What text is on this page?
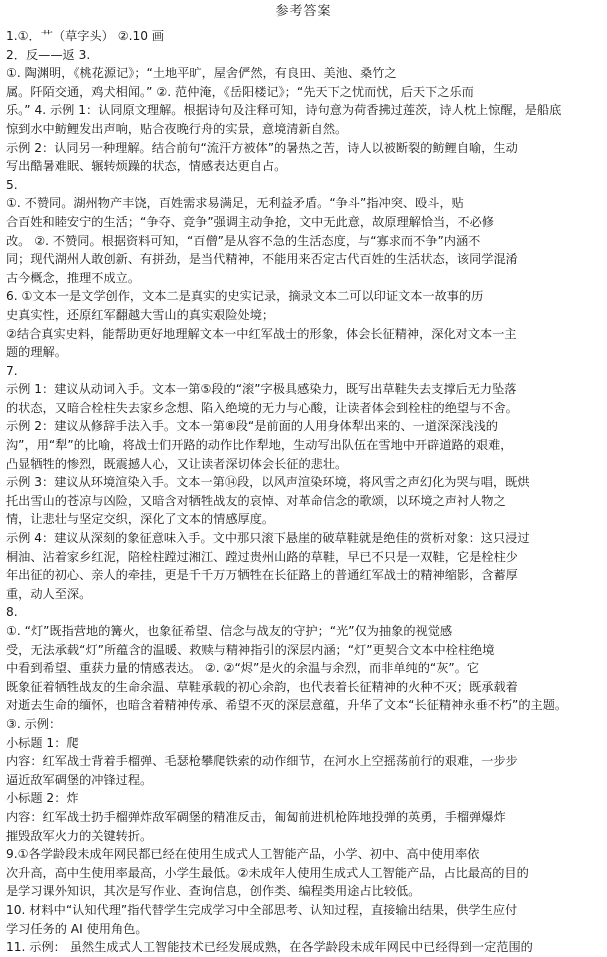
参考答案
1.①．艹（草字头） ②.10 画
2．反——返 3.
①. 陶渊明，《桃花源记》；“土地平旷，屋舍俨然，有良田、美池、桑竹之
属。阡陌交通，鸡犬相闻。” ②. 范仲淹，《岳阳楼记》；“先天下之忧而忧，后天下之乐而
乐。” 4. 示例 1：认同原文理解。根据诗句及注释可知，诗句意为荷香拂过莲茨，诗人枕上惊醒，是船底
惊到水中鲂鲤发出声响，贴合夜晚行舟的实景，意境清新自然。
示例 2：认同另一种理解。结合前句“流汗方被体”的暑热之苦，诗人以被断裂的鲂鲤自喻，生动
写出酷暑难眠、辗转烦躁的状态，情感表达更自占。
5.
①. 不赞同。湖州物产丰饶，百姓需求易满足，无利益矛盾。“争斗”指冲突、殴斗，贴
合百姓和睦安宁的生活；“争夺、竞争”强调主动争抢，文中无此意，故原理解恰当，不必修
改。 ②. 不赞同。根据资料可知，“百僧”是从容不急的生活态度，与“寡求而不争”内涵不
同；现代湖州人敢创新、有拼劲，是当代精神，不能用来否定古代百姓的生活状态，该同学混淆
古今概念，推理不成立。
6. ①文本一是文学创作，文本二是真实的史实记录，摘录文本二可以印证文本一故事的历
史真实性，还原红军翻越大雪山的真实艰险处境；
②结合真实史料，能帮助更好地理解文本一中红军战士的形象，体会长征精神，深化对文本一主
题的理解。
7.
示例 1：建议从动词入手。文本一第⑤段的“滚”字极具感染力，既写出草鞋失去支撑后无力坠落
的状态，又暗合栓柱失去家乡念想、陷入绝境的无力与心酸，让读者体会到栓柱的绝望与不舍。
示例 2：建议从修辞手法入手。文本一第⑧段“是前面的人用身体犁出来的、一道深深浅浅的
沟”，用“犁”的比喻，将战士们开路的动作比作犁地，生动写出队伍在雪地中开辟道路的艰难，
凸显牺牲的惨烈，既震撼人心，又让读者深切体会长征的悲壮。
示例 3：建议从环境渲染入手。文本一第⑭段，以风声渲染环境，将风雪之声幻化为哭与唱，既烘
托出雪山的苍凉与凶险，又暗含对牺牲战友的哀悼、对革命信念的歌颂，以环境之声衬人物之
情，让悲壮与坚定交织，深化了文本的情感厚度。
示例 4：建议从深刻的象征意味入手。文中那只滚下悬崖的破草鞋就是绝佳的赏析对象：这只浸过
桐油、沾着家乡红泥，陪栓柱蹚过湘江、蹚过贵州山路的草鞋，早已不只是一双鞋，它是栓柱少
年出征的初心、亲人的牵挂，更是千千万万牺牲在长征路上的普通红军战士的精神缩影，含蓄厚
重，动人至深。
8.
①. “灯”既指营地的篝火，也象征希望、信念与战友的守护；“光”仅为抽象的视觉感
受，无法承载“灯”所蕴含的温暖、救赎与精神指引的深层内涵；“灯”更契合文本中栓柱绝境
中看到希望、重获力量的情感表达。 ②. ②“烬”是火的余温与余烈，而非单纯的“灰”。它
既象征着牺牲战友的生命余温、草鞋承载的初心余韵，也代表着长征精神的火种不灭；既承载着
对逝去生命的缅怀，也暗含着精神传承、希望不灭的深层意蕴，升华了文本“长征精神永垂不朽”的主题。
③. 示例：
小标题 1：爬
内容：红军战士背着手榴弹、毛瑟枪攀爬铁索的动作细节，在河水上空摇荡前行的艰难，一步步
逼近敌军碉堡的冲锋过程。
小标题 2：炸
内容：红军战士扔手榴弹炸敌军碉堡的精准反击，匍匐前进机枪阵地投弹的英勇，手榴弹爆炸
摧毁敌军火力的关键转折。
9.①各学龄段未成年网民都已经在使用生成式人工智能产品，小学、初中、高中使用率依
次升高，高中生使用率最高，小学生最低。②未成年人使用生成式人工智能产品，占比最高的目的
是学习课外知识，其次是写作业、查询信息，创作类、编程类用途占比较低。
10. 材料中“认知代理”指代替学生完成学习中全部思考、认知过程，直接输出结果，供学生应付
学习任务的 AI 使用角色。
11. 示例： 虽然生成式人工智能技术已经发展成熟，在各学龄段未成年网民中已经得到一定范围的
